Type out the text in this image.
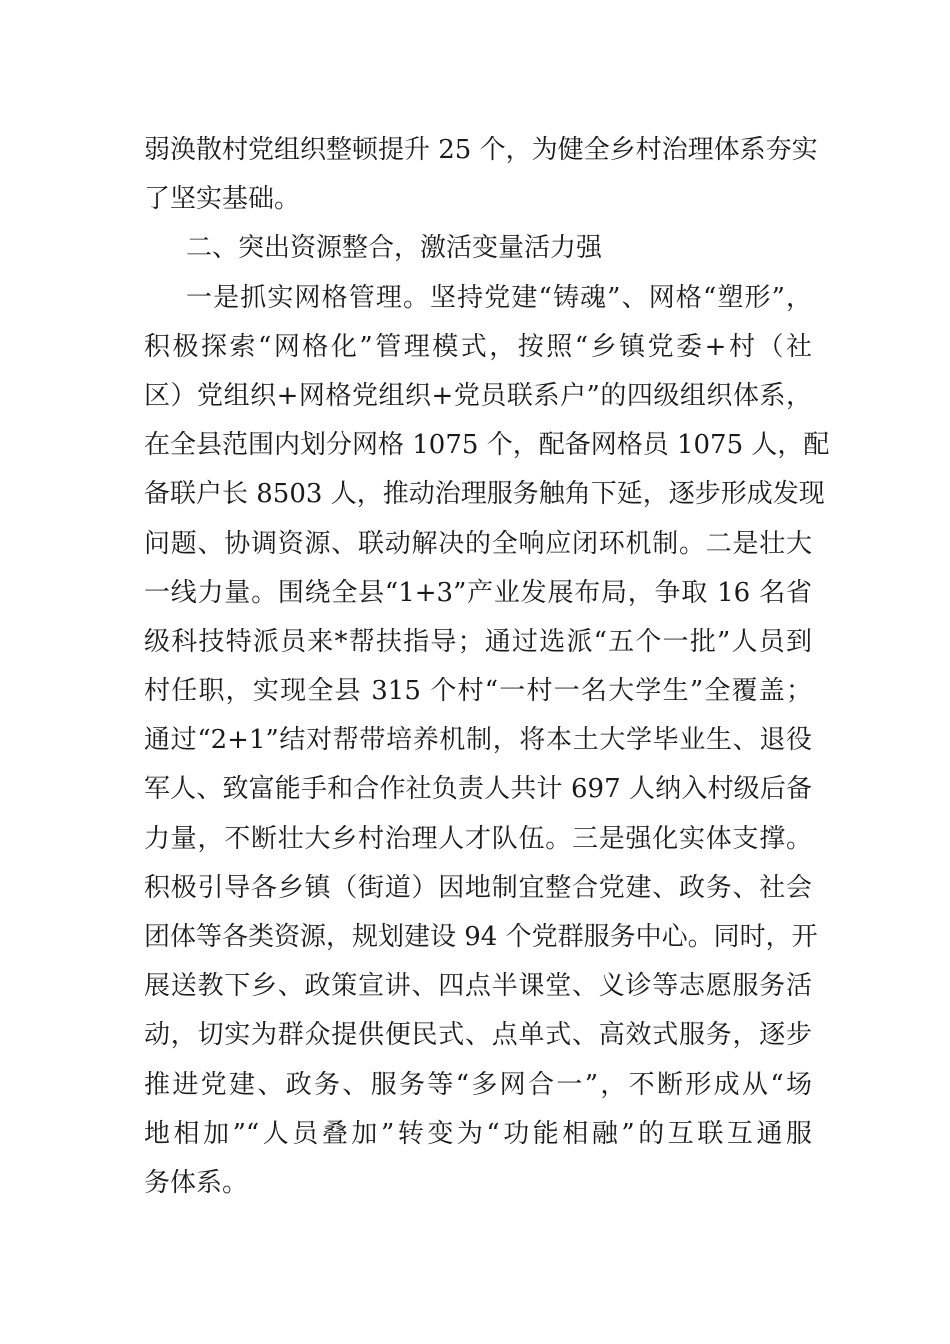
弱涣散村党组织整顿提升 25 个，为健全乡村治理体系夯实
了坚实基础。
二、突出资源整合，激活变量活力强
一是抓实网格管理。坚持党建“铸魂”、网格“塑形”，
积极探索“网格化”管理模式，按照“乡镇党委+村（社
区）党组织+网格党组织+党员联系户”的四级组织体系，
在全县范围内划分网格 1075 个，配备网格员 1075 人，配
备联户长 8503 人，推动治理服务触角下延，逐步形成发现
问题、协调资源、联动解决的全响应闭环机制。二是壮大
一线力量。围绕全县“1+3”产业发展布局，争取 16 名省
级科技特派员来*帮扶指导；通过选派“五个一批”人员到
村任职，实现全县 315 个村“一村一名大学生”全覆盖；
通过“2+1”结对帮带培养机制，将本土大学毕业生、退役
军人、致富能手和合作社负责人共计 697 人纳入村级后备
力量，不断壮大乡村治理人才队伍。三是强化实体支撑。
积极引导各乡镇（街道）因地制宜整合党建、政务、社会
团体等各类资源，规划建设 94 个党群服务中心。同时，开
展送教下乡、政策宣讲、四点半课堂、义诊等志愿服务活
动，切实为群众提供便民式、点单式、高效式服务，逐步
推进党建、政务、服务等“多网合一”，不断形成从“场
地相加”“人员叠加”转变为“功能相融”的互联互通服
务体系。
